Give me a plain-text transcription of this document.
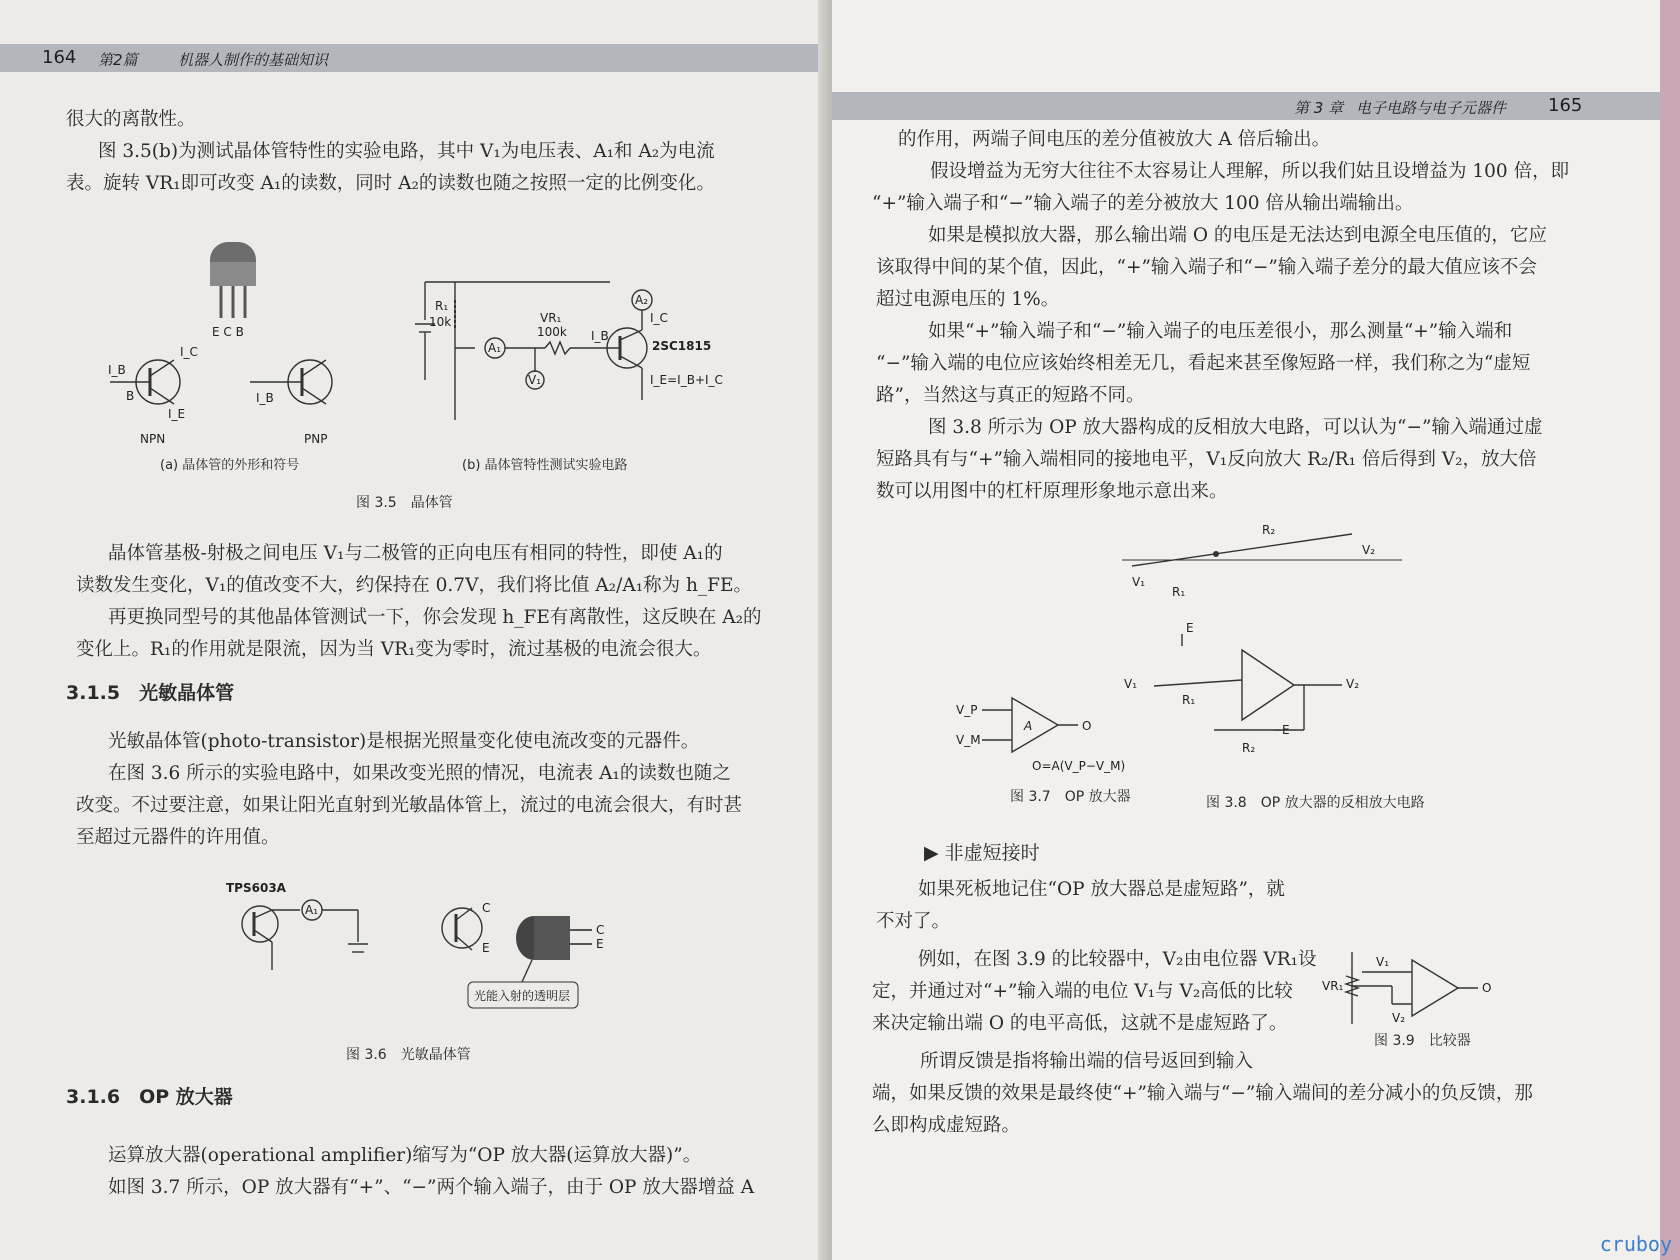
164 第2篇	机器人制作的基础知识
很大的离散性。
图 3.5(b)为测试晶体管特性的实验电路，其中 V₁为电压表、A₁和 A₂为电流
表。旋转 VR₁即可改变 A₁的读数，同时 A₂的读数也随之按照一定的比例变化。
E C B
I_B
B
I_C
I_E
NPN
I_B
PNP
R₁
10k	VR₁
100k
A₁
A₂
V₁
I_B
I_C
2SC1815
I_E=I_B+I_C
(a) 晶体管的外形和符号	(b) 晶体管特性测试实验电路
图 3.5　晶体管
晶体管基极-射极之间电压 V₁与二极管的正向电压有相同的特性，即使 A₁的
读数发生变化，V₁的值改变不大，约保持在 0.7V，我们将比值 A₂/A₁称为 h_FE。
再更换同型号的其他晶体管测试一下，你会发现 h_FE有离散性，这反映在 A₂的
变化上。R₁的作用就是限流，因为当 VR₁变为零时，流过基极的电流会很大。
3.1.5　光敏晶体管
光敏晶体管(photo-transistor)是根据光照量变化使电流改变的元器件。
在图 3.6 所示的实验电路中，如果改变光照的情况，电流表 A₁的读数也随之
改变。不过要注意，如果让阳光直射到光敏晶体管上，流过的电流会很大，有时甚
至超过元器件的许用值。
TPS603A
A₁	C
E
C
E
光能入射的透明层
图 3.6　光敏晶体管
3.1.6　OP 放大器
运算放大器(operational amplifier)缩写为“OP 放大器(运算放大器)”。
如图 3.7 所示，OP 放大器有“+”、“−”两个输入端子，由于 OP 放大器增益 A
第 3 章 电子电路与电子元器件 165
的作用，两端子间电压的差分值被放大 A 倍后输出。
假设增益为无穷大往往不太容易让人理解，所以我们姑且设增益为 100 倍，即
“+”输入端子和“−”输入端子的差分被放大 100 倍从输出端输出。
如果是模拟放大器，那么输出端 O 的电压是无法达到电源全电压值的，它应
该取得中间的某个值，因此，“+”输入端子和“−”输入端子差分的最大值应该不会
超过电源电压的 1%。
如果“+”输入端子和“−”输入端子的电压差很小，那么测量“+”输入端和
“−”输入端的电位应该始终相差无几，看起来甚至像短路一样，我们称之为“虚短
路”，当然这与真正的短路不同。
图 3.8 所示为 OP 放大器构成的反相放大电路，可以认为“−”输入端通过虚
短路具有与“+”输入端相同的接地电平，V₁反向放大 R₂/R₁ 倍后得到 V₂，放大倍
数可以用图中的杠杆原理形象地示意出来。
R₂
V₂
V₁
R₁
E
V₁
R₁
V₂
R₂
−E
V_P
V_M
A	O
O=A(V_P−V_M)
图 3.7　OP 放大器	图 3.8　OP 放大器的反相放大电路
▶ 非虚短接时
如果死板地记住“OP 放大器总是虚短路”，就
不对了。
例如，在图 3.9 的比较器中，V₂由电位器 VR₁设
定，并通过对“+”输入端的电位 V₁与 V₂高低的比较
来决定输出端 O 的电平高低，这就不是虚短路了。
所谓反馈是指将输出端的信号返回到输入
端，如果反馈的效果是最终使“+”输入端与“−”输入端间的差分减小的负反馈，那
么即构成虚短路。
V₁
V₂
VR₁	O
图 3.9　比较器
cruboy
